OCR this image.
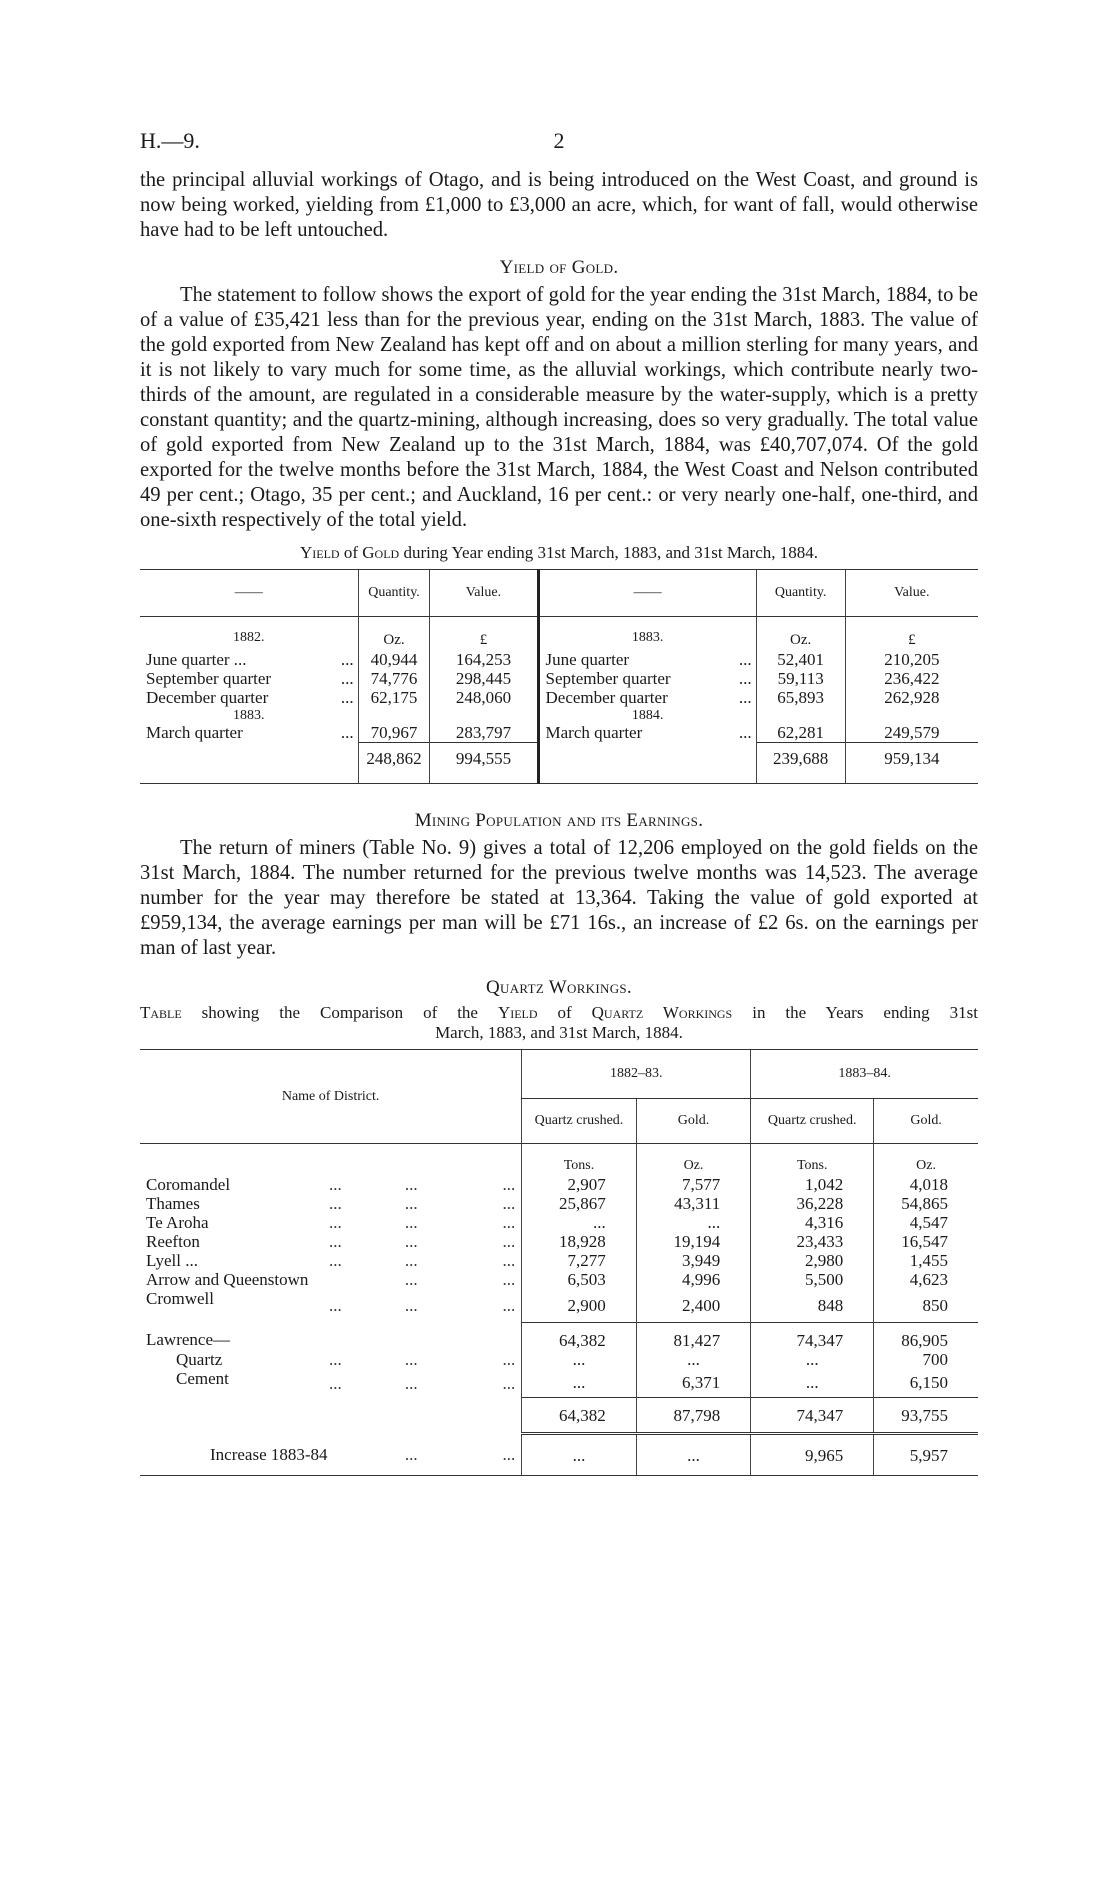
H.—9.	2

the principal alluvial workings of Otago, and is being introduced on the West Coast, and ground is now being worked, yielding from £1,000 to £3,000 an acre, which, for want of fall, would otherwise have had to be left untouched.

Yield of Gold.

The statement to follow shows the export of gold for the year ending the 31st March, 1884, to be of a value of £35,421 less than for the previous year, ending on the 31st March, 1883. The value of the gold exported from New Zealand has kept off and on about a million sterling for many years, and it is not likely to vary much for some time, as the alluvial workings, which contribute nearly two-thirds of the amount, are regulated in a considerable measure by the water-supply, which is a pretty constant quantity; and the quartz-mining, although increasing, does so very gradually. The total value of gold exported from New Zealand up to the 31st March, 1884, was £40,707,074. Of the gold exported for the twelve months before the 31st March, 1884, the West Coast and Nelson contributed 49 per cent.; Otago, 35 per cent.; and Auckland, 16 per cent.: or very nearly one-half, one-third, and one-sixth respectively of the total yield.

Yield of Gold during Year ending 31st March, 1883, and 31st March, 1884.
——		Quantity.	Value.	——		Quantity.	Value.
1882.		Oz.	£	1883.		Oz.	£
June quarter ...	...	40,944	164,253	June quarter	...	52,401	210,205
September quarter	...	74,776	298,445	September quarter	...	59,113	236,422
December quarter	...	62,175	248,060	December quarter	...	65,893	262,928
1883.				1884.			
March quarter	...	70,967	283,797	March quarter	...	62,281	249,579
		248,862	994,555			239,688	959,134
Mining Population and its Earnings.

The return of miners (Table No. 9) gives a total of 12,206 employed on the gold fields on the 31st March, 1884. The number returned for the previous twelve months was 14,523. The average number for the year may therefore be stated at 13,364. Taking the value of gold exported at £959,134, the average earnings per man will be £71 16s., an increase of £2 6s. on the earnings per man of last year.

Quartz Workings.
Table showing the Comparison of the Yield of Quartz Workings in the Years ending 31st
March, 1883, and 31st March, 1884.
Name of District.				1882–83.		1883–84.	
				Quartz crushed.	Gold.	Quartz crushed.	Gold.
				Tons.	Oz.	Tons.	Oz.
Coromandel	...	...	...	2,907	7,577	1,042	4,018
Thames	...	...	...	25,867	43,311	36,228	54,865
Te Aroha	...	...	...	...	...	4,316	4,547
Reefton	...	...	...	18,928	19,194	23,433	16,547
Lyell ...	...	...	...	7,277	3,949	2,980	1,455
Arrow and Queenstown		...	...	6,503	4,996	5,500	4,623
Cromwell	...	...	...	2,900	2,400	848	850
Lawrence—				64,382	81,427	74,347	86,905
Quartz	...	...	...	...	...	...	700
Cement	...	...	...	...	6,371	...	6,150
				64,382	87,798	74,347	93,755
Increase 1883-84		...	...	...	...	9,965	5,957
